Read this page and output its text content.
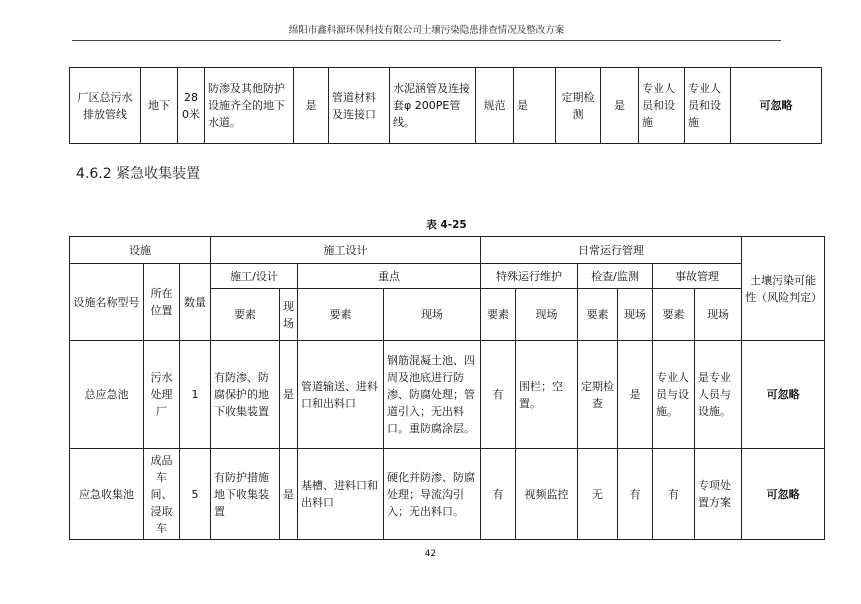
绵阳市鑫科源环保科技有限公司土壤污染隐患排查情况及整改方案
厂区总污水排放管线	地下	280米	防渗及其他防护设施齐全的地下水道。	是	管道材料及连接口	水泥涵管及连接套φ 200PE管线。	规范	是	定期检测	是	专业人员和设施	专业人员和设施	可忽略
4.6.2 紧急收集装置
表 4-25
设施			施工设计				日常运行管理						土壤污染可能性（风险判定）
设施名称型号	所在位置	数量	施工/设计		重点		特殊运行维护		检查/监测		事故管理		
			要素	现场	要素	现场	要素	现场	要素	现场	要素	现场	
总应急池	污水处理厂	1	有防渗、防腐保护的地下收集装置	是	管道输送、进料口和出料口	钢筋混凝土池、四周及池底进行防渗、防腐处理；管道引入；无出料口。重防腐涂层。	有	围栏；空置。	定期检查	是	专业人员与设施。	是专业人员与设施。	可忽略
应急收集池	成品车间、浸取车	5	有防护措施地下收集装置	是	基槽、进料口和出料口	硬化并防渗、防腐处理；导流沟引入；无出料口。	有	视频监控	无	有	有	专项处置方案	可忽略
42
